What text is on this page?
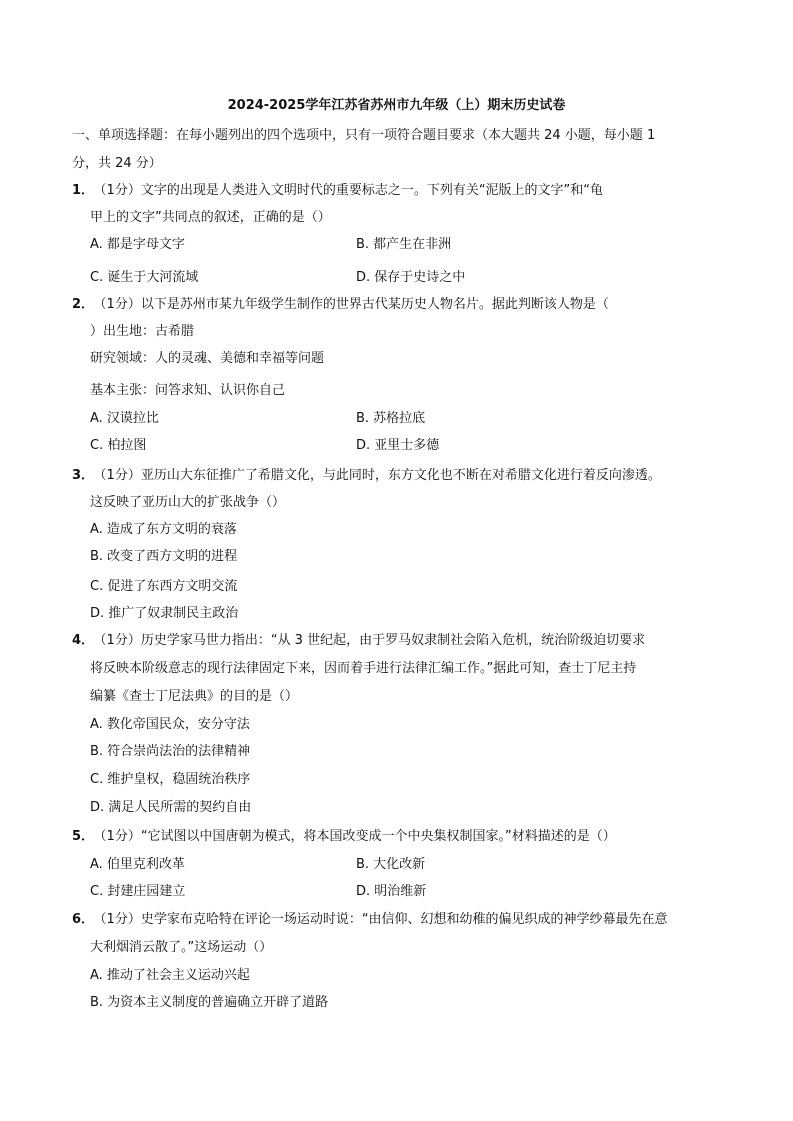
2024-2025学年江苏省苏州市九年级（上）期末历史试卷
一、单项选择题：在每小题列出的四个选项中，只有一项符合题目要求（本大题共 24 小题，每小题 1
分，共 24 分）
1． （1分）文字的出现是人类进入文明时代的重要标志之一。下列有关“泥版上的文字”和“龟
甲上的文字”共同点的叙述，正确的是（）
A. 都是字母文字	B. 都产生在非洲
C. 诞生于大河流域	D. 保存于史诗之中
2． （1分）以下是苏州市某九年级学生制作的世界古代某历史人物名片。据此判断该人物是（
）出生地：古希腊
研究领域：人的灵魂、美德和幸福等问题
基本主张：问答求知、认识你自己
A. 汉谟拉比	B. 苏格拉底
C. 柏拉图	D. 亚里士多德
3． （1分）亚历山大东征推广了希腊文化，与此同时，东方文化也不断在对希腊文化进行着反向渗透。
这反映了亚历山大的扩张战争（）
A. 造成了东方文明的衰落
B. 改变了西方文明的进程
C. 促进了东西方文明交流
D. 推广了奴隶制民主政治
4． （1分）历史学家马世力指出：“从 3 世纪起，由于罗马奴隶制社会陷入危机，统治阶级迫切要求
将反映本阶级意志的现行法律固定下来，因而着手进行法律汇编工作。”据此可知，查士丁尼主持
编纂《查士丁尼法典》的目的是（）
A. 教化帝国民众，安分守法
B. 符合崇尚法治的法律精神
C. 维护皇权，稳固统治秩序
D. 满足人民所需的契约自由
5． （1分）“它试图以中国唐朝为模式，将本国改变成一个中央集权制国家。”材料描述的是（）
A. 伯里克利改革	B. 大化改新
C. 封建庄园建立	D. 明治维新
6． （1分）史学家布克哈特在评论一场运动时说：“由信仰、幻想和幼稚的偏见织成的神学纱幕最先在意
大利烟消云散了。”这场运动（）
A. 推动了社会主义运动兴起
B. 为资本主义制度的普遍确立开辟了道路
